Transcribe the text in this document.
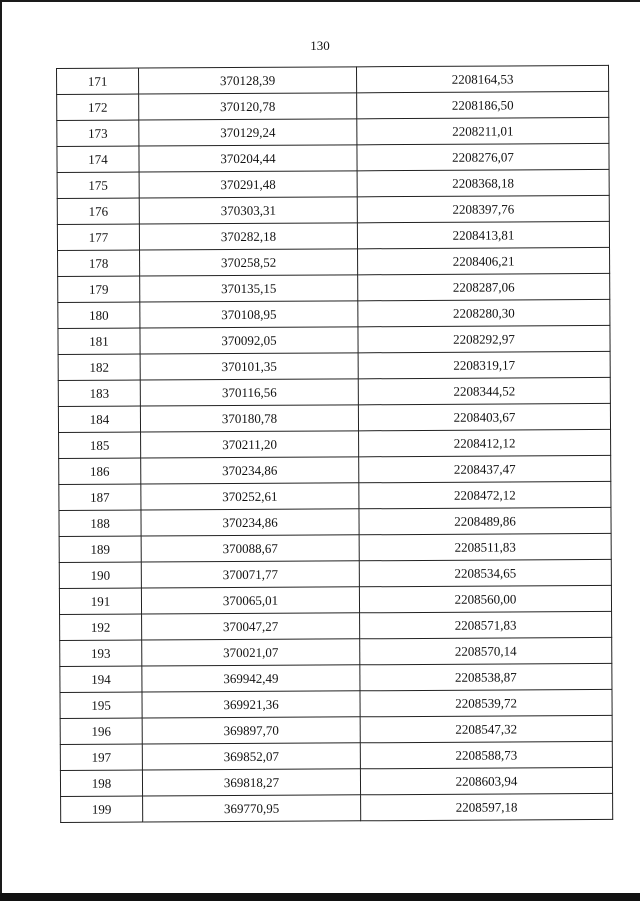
130
171	370128,39	2208164,53
172	370120,78	2208186,50
173	370129,24	2208211,01
174	370204,44	2208276,07
175	370291,48	2208368,18
176	370303,31	2208397,76
177	370282,18	2208413,81
178	370258,52	2208406,21
179	370135,15	2208287,06
180	370108,95	2208280,30
181	370092,05	2208292,97
182	370101,35	2208319,17
183	370116,56	2208344,52
184	370180,78	2208403,67
185	370211,20	2208412,12
186	370234,86	2208437,47
187	370252,61	2208472,12
188	370234,86	2208489,86
189	370088,67	2208511,83
190	370071,77	2208534,65
191	370065,01	2208560,00
192	370047,27	2208571,83
193	370021,07	2208570,14
194	369942,49	2208538,87
195	369921,36	2208539,72
196	369897,70	2208547,32
197	369852,07	2208588,73
198	369818,27	2208603,94
199	369770,95	2208597,18
